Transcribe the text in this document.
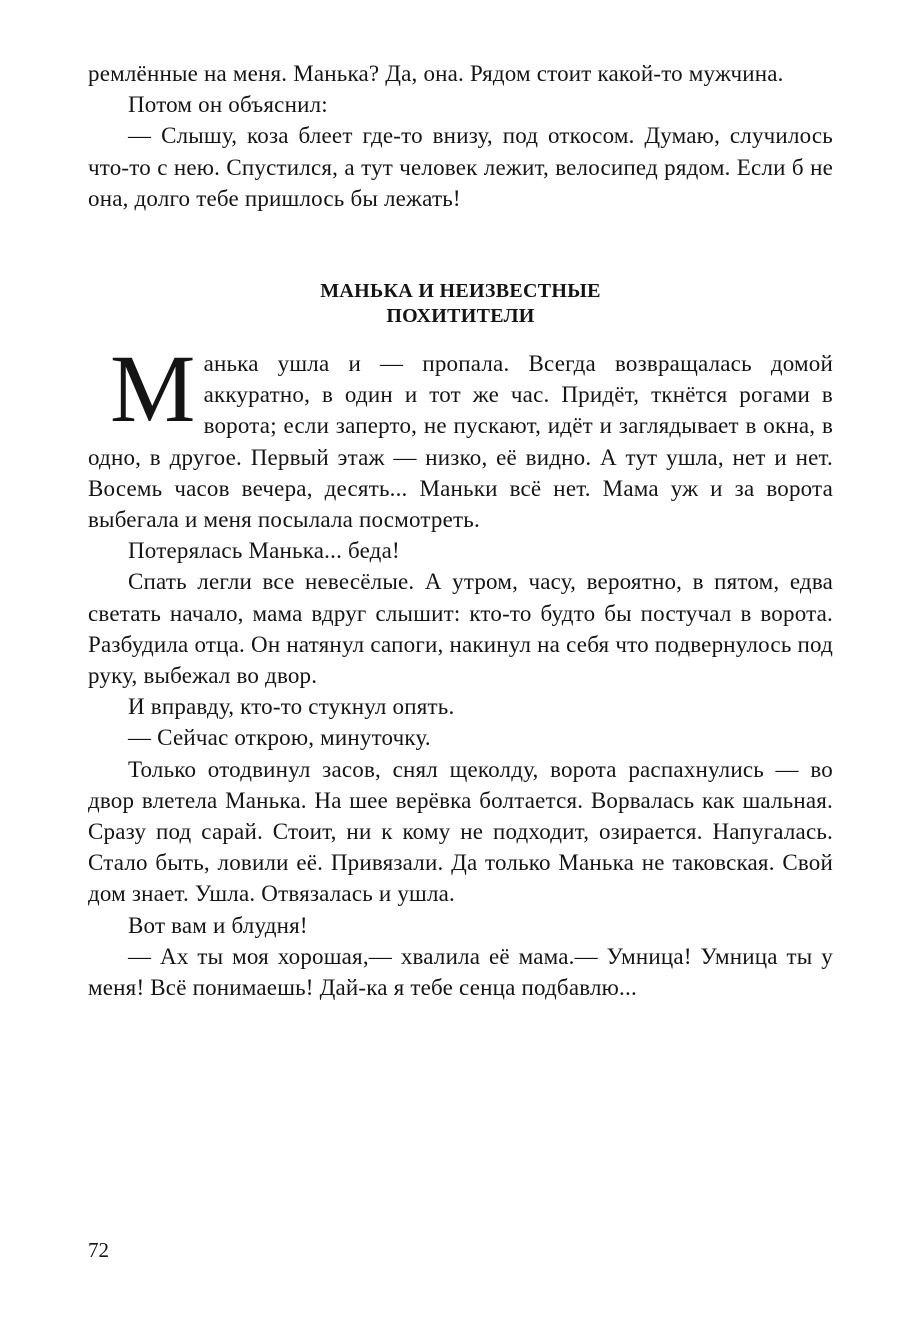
ремлённые на меня. Манька? Да, она. Рядом стоит какой-то мужчина.

Потом он объяснил:

— Слышу, коза блеет где-то внизу, под откосом. Думаю, случилось что-то с нею. Спустился, а тут человек лежит, велосипед рядом. Если б не она, долго тебе пришлось бы лежать!

МАНЬКА И НЕИЗВЕСТНЫЕ
ПОХИТИТЕЛИ

Манька ушла и — пропала. Всегда возвращалась домой аккуратно, в один и тот же час. Придёт, ткнётся рогами в ворота; если заперто, не пускают, идёт и заглядывает в окна, в одно, в другое. Первый этаж — низко, её видно. А тут ушла, нет и нет. Восемь часов вечера, десять... Маньки всё нет. Мама уж и за ворота выбегала и меня посылала посмотреть.

Потерялась Манька... беда!

Спать легли все невесёлые. А утром, часу, вероятно, в пятом, едва светать начало, мама вдруг слышит: кто-то будто бы постучал в ворота. Разбудила отца. Он натянул сапоги, накинул на себя что подвернулось под руку, выбежал во двор.

И вправду, кто-то стукнул опять.

— Сейчас открою, минуточку.

Только отодвинул засов, снял щеколду, ворота распахнулись — во двор влетела Манька. На шее верёвка болтается. Ворвалась как шальная. Сразу под сарай. Стоит, ни к кому не подходит, озирается. Напугалась. Стало быть, ловили её. Привязали. Да только Манька не таковская. Свой дом знает. Ушла. Отвязалась и ушла.

Вот вам и блудня!

— Ах ты моя хорошая,— хвалила её мама.— Умница! Умница ты у меня! Всё понимаешь! Дай-ка я тебе сенца подбавлю...

72
